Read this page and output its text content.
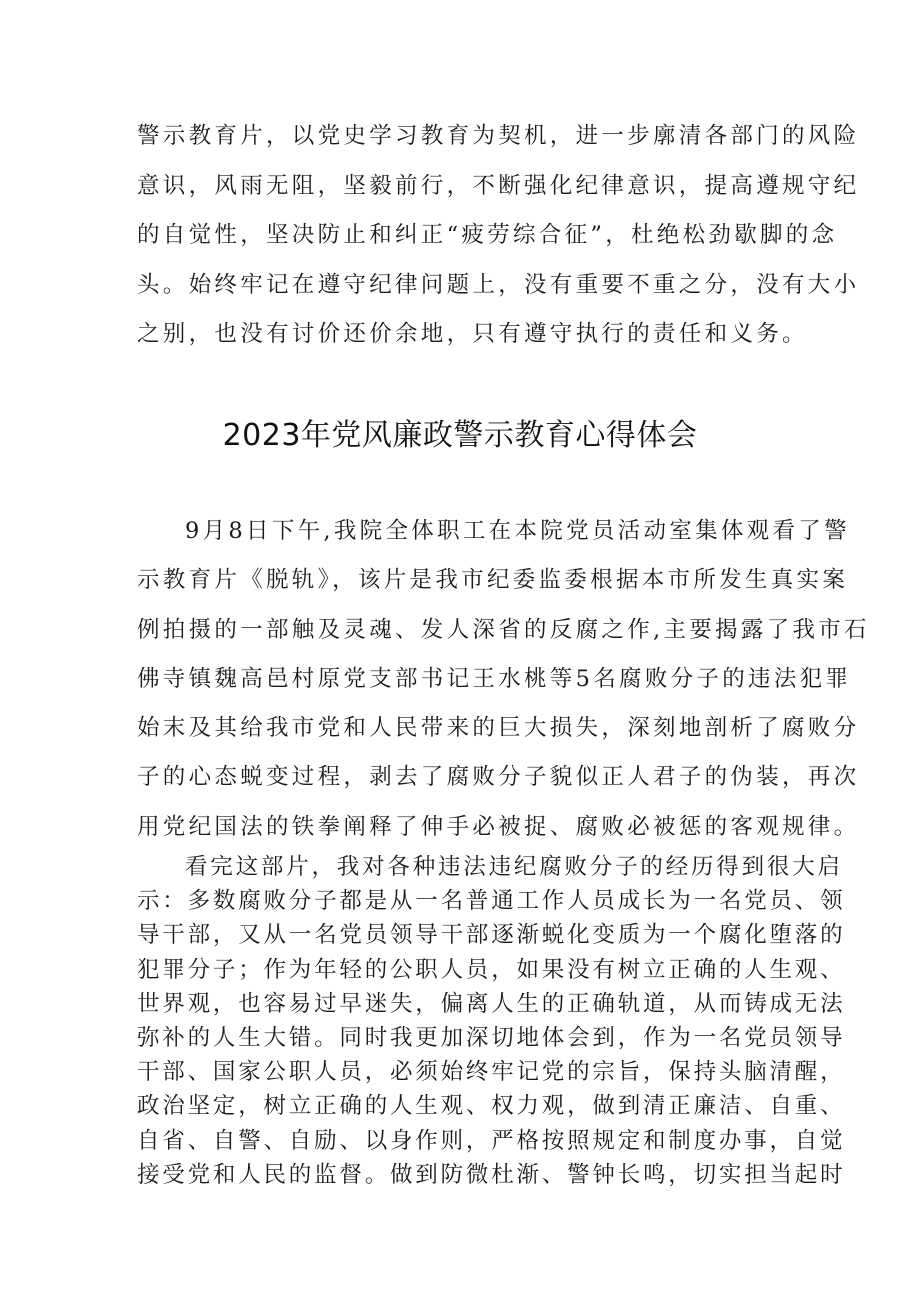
警示教育片，以党史学习教育为契机，进一步廓清各部门的风险
意识，风雨无阻，坚毅前行，不断强化纪律意识，提高遵规守纪
的自觉性，坚决防止和纠正“疲劳综合征”，杜绝松劲歇脚的念
头。始终牢记在遵守纪律问题上，没有重要不重之分，没有大小
之别，也没有讨价还价余地，只有遵守执行的责任和义务。
2023年党风廉政警示教育心得体会
9月8日下午,我院全体职工在本院党员活动室集体观看了警
示教育片《脱轨》，该片是我市纪委监委根据本市所发生真实案
例拍摄的一部触及灵魂、发人深省的反腐之作,主要揭露了我市石
佛寺镇魏高邑村原党支部书记王水桃等5名腐败分子的违法犯罪
始末及其给我市党和人民带来的巨大损失，深刻地剖析了腐败分
子的心态蜕变过程，剥去了腐败分子貌似正人君子的伪装，再次
用党纪国法的铁拳阐释了伸手必被捉、腐败必被惩的客观规律。
看完这部片，我对各种违法违纪腐败分子的经历得到很大启
示：多数腐败分子都是从一名普通工作人员成长为一名党员、领
导干部，又从一名党员领导干部逐渐蜕化变质为一个腐化堕落的
犯罪分子；作为年轻的公职人员，如果没有树立正确的人生观、
世界观，也容易过早迷失，偏离人生的正确轨道，从而铸成无法
弥补的人生大错。同时我更加深切地体会到，作为一名党员领导
干部、国家公职人员，必须始终牢记党的宗旨，保持头脑清醒，
政治坚定，树立正确的人生观、权力观，做到清正廉洁、自重、
自省、自警、自励、以身作则，严格按照规定和制度办事，自觉
接受党和人民的监督。做到防微杜渐、警钟长鸣，切实担当起时
